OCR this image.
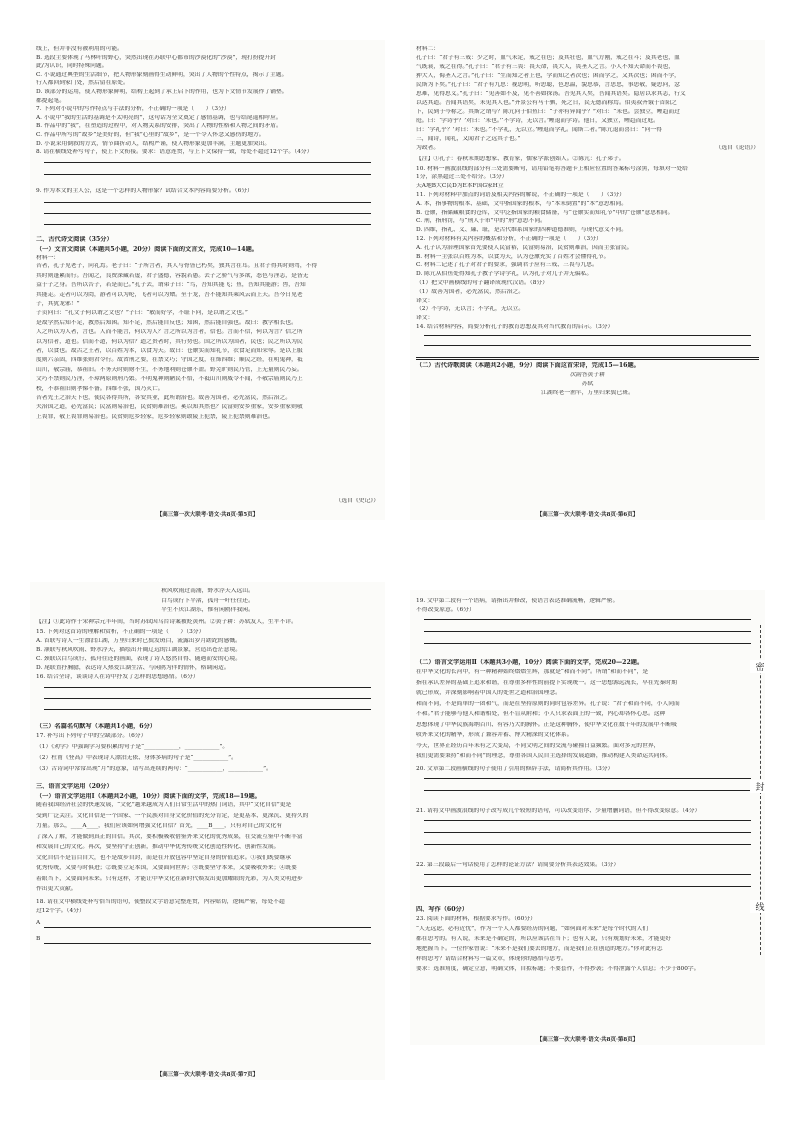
线上，但并非没有被利用的可能。
B. 选段主要体现了马林叶的野心，突然出现在苏联中心都市的沙漠化的“沙漠”，现打扮提升封
此/为认识，同时特殊问题。
C. 小说通过典型的生活细节，把人物形象刻画得生动鲜明，突出了人物的个性特点，揭示了主题。
行人都回到家门处，然后留在原处。
D. 该部分的运用，使人物形象鲜明，结构上起到了承上启下的作用，也为下文情节发展作了铺垫。
都提起笔。
7. 下列对小说中的写作特点与手法的分析，不正确的一项是（　　）（3分）
A. 小说中“我的生活的基调是不太明亮的”，这句话为全文奠定了感情基调，也与结尾遥相呼应。
B. 作品中的“我”，在塑造的过程中，对人物关系的安排，突出了人物的性格和人物之间的矛盾。
C. 作品中所写的“故乡”是美好的，但“我”心里的“故乡”，是一个令人怀念又感伤的地方。
D. 小说采用倒叙的方式，情节曲折动人，结构严谨，使人物形象更加丰满，主题更加突出。
8. 请在横线处补写句子，使上下文衔接。要求：语意连贯，与上下文保持一致，每处不超过12个字。（4分）
9. 作为本文的主人公，这是一个怎样的人物形象？试结合文本内容简要分析。（6分）
二、古代诗文阅读（35分）
（一）文言文阅读（本题共5小题，20分）阅读下面的文言文，完成10—14题。
材料一：
昔者，孔子见老子，问礼焉。老子曰：“子所言者，其人与骨皆已朽矣，独其言在耳。且君子得其时则驾，不得
其时则蓬累而行。吾闻之，良贾深藏若虚，君子盛德，容貌若愚。去子之骄气与多欲，态色与淫志，是皆无
益于子之身。吾所以告子，若是而已。”孔子去，谓弟子曰：“鸟，吾知其能飞；鱼，吾知其能游；兽，吾知
其能走。走者可以为罔，游者可以为纶，飞者可以为矰。至于龙，吾不能知其乘风云而上天。吾今日见老
子，其犹龙邪！”
子贡问曰：“孔文子何以谓之文也？”子曰：“敏而好学，不耻下问，是以谓之文也。”
是故学然后知不足，教然后知困。知不足，然后能自反也；知困，然后能自强也。故曰：教学相长也。
人之所以为人者，言也。人而不能言，何以为人？言之所以为言者，信也。言而不信，何以为言？信之所
以为信者，道也。信而不道，何以为信？道之贵者时，其行势也。国之所以为国者，民也；民之所以为民
者，以食也。故古之王者，以百姓为本，以食为天。故曰：仓廪实而知礼节，衣食足而知荣辱。是以上服
度则六亲固，四维张则君令行。故省刑之要，在禁文巧；守国之度，在饰四维；顺民之经，在明鬼神，祗
山川，敬宗庙，恭祖旧。不务天时则财不生，不务地利则仓廪不盈。野芜旷则民乃菅，上无量则民乃妄。
文巧不禁则民乃淫，不璋两原则刑乃繁。不明鬼神则陋民不悟，不祗山川则威令不闻，不敬宗庙则民乃上
校，不恭祖旧则孝悌不备。四维不张，国乃灭亡。
昔者先王之治天下也，使民各得其所，各安其业，此所谓治也。故善为国者，必先富民，然后治之。
夫治国之道，必先富民；民富则易治也，民贫则难治也。奚以知其然也？民富则安乡重家，安乡重家则敬
上畏罪，敬上畏罪则易治也。民贫则危乡轻家，危乡轻家则敢陵上犯禁，陵上犯禁则难治也。
（选自《史记》）
【高三第一次大联考·语文·共8页·第5页】
材料二：
孔子曰：“君子有三戒：少之时，血气未定，戒之在色；及其壮也，血气方刚，戒之在斗；及其老也，血
气既衰，戒之在得。”孔子曰：“君子有三畏：畏天命，畏大人，畏圣人之言。小人不知天命而不畏也，
狎大人，侮圣人之言。”孔子曰：“生而知之者上也，学而知之者次也；困而学之，又其次也；困而不学，
民斯为下矣。”孔子曰：“君子有九思：视思明，听思聪，色思温，貌思恭，言思忠，事思敬，疑思问，忿
思难，见得思义。”孔子曰：“见善如不及，见不善如探汤。吾见其人矣，吾闻其语矣。隐居以求其志，行义
以达其道。吾闻其语矣，未见其人也。”齐景公有马千驷，死之日，民无德而称焉。伯夷叔齐饿于首阳之
下，民到于今称之。其斯之谓与？陈亢问于伯鱼曰：“子亦有异闻乎？”对曰：“未也。尝独立，鲤趋而过
庭。曰：‘学诗乎？’对曰：‘未也。’‘不学诗，无以言。’鲤退而学诗。他日，又独立，鲤趋而过庭。
曰：‘学礼乎？’对曰：‘未也。’‘不学礼，无以立。’鲤退而学礼。闻斯二者。”陈亢退而喜曰：“问一得
三，闻诗，闻礼，又闻君子之远其子也。”
为政者。	（选自《论语》）
【注】①孔子：春秋末期思想家、教育家，儒家学派创始人。②陈亢：孔子弟子。
10. 材料一画波浪线的部分有三处需要断句，请用铅笔将答题卡上相应位置的答案标号涂黑，每填对一处给
1分，涂黑超过三处不给分。（3分）
天A地B大C民D为E本F国G家H立
11. 下列对材料中加点的词语及相关内容的解说，不正确的一项是（　　）（3分）
A. 本，指事物的根本、基础，文中指国家的根本，与“本末倒置”的“本”意思相同。
B. 仓廪，指储藏粮食的仓库，文中泛指国家的粮食储备，与“仓廪实而知礼节”中的“仓廪”意思相同。
C. 刑，指刑罚，与“刑人于市”中的“刑”意思不同。
D. 四维，指礼、义、廉、耻，是古代维系国家的四种道德准则，与现代意义不同。
12. 下列对材料有关内容的概括和分析，不正确的一项是（　　）（3分）
A. 孔子认为治理国家首先要使人民富裕，民富则易治，民贫则难治，因而主张富民。
B. 材料一主张以百姓为本，以食为天，认为仓廪充实了百姓才会懂得礼节。
C. 材料二记述了孔子对君子的要求，强调君子应有三戒、三畏与九思。
D. 陈亢从伯鱼处得知孔子教子学诗学礼，认为孔子对儿子并无偏私。
（1）把文中画横线的句子翻译成现代汉语。（8分）
（1）故善为国者，必先富民，然后治之。
译文：
（2）不学诗，无以言；不学礼，无以立。
译文：
14. 结合材料内容，简要分析孔子的教育思想及其对当代教育的启示。（3分）
（二）古代诗歌阅读（本题共2小题，9分）阅读下面这首宋诗，完成15—16题。
次韵答黄子耕
苏轼
江湖终老一渔竿，万里归来鬓已斑。
【高三第一次大联考·语文·共8页·第6页】
秋风吹雨过南浦，野水浮天入远山。
白鸟成行下平渚，孤舟一叶任往还。
平生不厌江湖乐，惟有闲鸥伴我闲。
【注】①此诗作于宋神宗元丰年间，当时苏轼因乌台诗案被贬黄州。②黄子耕：苏轼友人，生平不详。
15. 下列对这首诗的理解和赏析，不正确的一项是（　　）（3分）
A. 首联写诗人一生漂泊江湖，万里归来时已鬓发斑白，流露出岁月蹉跎的感慨。
B. 颔联写秋风吹雨、野水浮天，描绘出开阔辽远的江湖景象，营造出苍茫意境。
C. 颈联以白鸟成行、孤舟往还的画面，表现了诗人悠然自得、随遇而安的心境。
D. 尾联直抒胸臆，表达诗人热爱江湖生活、与闲鸥为伴的情怀，格调闲适。
16. 结合全诗，谈谈诗人在诗中抒发了怎样的思想感情。（6分）
（三）名篇名句默写（本题共1小题，6分）
17. 补写出下列句子中的空缺部分。（6分）
（1）《劝学》中强调学习要积累的句子是“____________，____________”。
（2）杜甫《登高》中表现诗人漂泊无依、身体多病的句子是“____________”。
（3）古诗词中常常出现“月”的意象，请写出连续的两句：“____________，____________”。
三、语言文字运用（20分）
（一）语言文字运用Ⅰ（本题共2小题，10分）阅读下面的文字，完成18—19题。
随着我国经济社会的快速发展，“文化”越来越成为人们日常生活中的热门词语，其中“文化自信”更是
受到广泛关注。文化自信是一个国家、一个民族对自身文化价值的充分肯定，是更基本、更深沉、更持久的
力量。那么，____A____，我们应该如何增强文化自信？首先，____B____，只有对自己的文化有
了深入了解，才能做到真正的自信。其次，要积极吸收借鉴外来文化的优秀成果，在交流互鉴中不断丰富
和发展自己的文化。再次，要坚持守正创新，推动中华优秀传统文化创造性转化、创新性发展。
文化自信不是盲目自大，也不是故步自封，而是在开放包容中坚定自身的价值追求。①我们既要继承
优秀传统，又要与时俱进；②既要立足本国，又要面向世界；③既要坚守本来，又要吸收外来；④既要
着眼当下，又要面向未来。只有这样，才能让中华文化在新时代焕发出更加耀眼的光彩，为人类文明进步
作出更大贡献。
18. 请在文中横线处补写恰当的语句，使整段文字语意完整连贯，内容贴切，逻辑严密，每处不超
过12个字。（4分）
A
B
【高三第一次大联考·语文·共8页·第7页】
19. 文中第二段有一个语病，请指出并修改，使语言表达准确流畅，逻辑严密。
不得改变原意。（6分）
（二）语言文字运用Ⅱ（本题共3小题，10分）阅读下面的文字，完成20—22题。
在中华文化的长河中，有一种精神始终熠熠生辉，那就是“和而不同”。所谓“和而不同”，是
指在承认差异的基础上追求和谐，在尊重多样性的前提下实现统一。这一思想源远流长，早在先秦时期
就已形成，并深刻影响着中国人的处世之道和治国理念。
和而不同，不是简单的一团和气，而是在坚持原则的同时包容差异。孔子说：“君子和而不同，小人同而
不和。”君子能够与他人和谐相处，但不盲从附和；小人只求表面上的一致，内心却各怀心思。这种
思想体现了中华民族海纳百川、有容乃大的胸怀。正是这种胸怀，使中华文化在数千年的发展中不断吸
收外来文化的精华，形成了兼容并蓄、博大精深的文化体系。
今天，世界正经历百年未有之大变局，不同文明之间的交流与碰撞日益频繁。面对多元的世界，
我们更需要秉持“和而不同”的理念，尊重各国人民自主选择的发展道路，推动构建人类命运共同体。
20. 文章第二段画横线的句子使用了引用的修辞手法，请简析其作用。（3分）
21. 请将文中画波浪线的句子改写成几个较短的语句，可以改变语序、少量增删词语，但不得改变原意。（4分）
22. 第三段最后一句话使用了怎样的论证方法？请简要分析其表达效果。（3分）
四、写作（60分）
23. 阅读下面的材料，根据要求写作。（60分）
“人无远虑，必有近忧”，作为一个人人都要经历的问题，“如何面对未来”是每个时代的人们
都在思考的。有人说，未来是不确定的，所以应该活在当下；也有人说，只有规划好未来，才能更好
地把握当下。一位作家曾说：“未来不是我们要去的地方，而是我们正在创造的地方。”你对此有怎
样的思考？请结合材料写一篇文章，体现你的感悟与思考。
要求：选准角度，确定立意，明确文体，自拟标题；不要套作，不得抄袭；不得泄露个人信息；不少于800字。
【高三第一次大联考·语文·共8页·第8页】
密
封
线
